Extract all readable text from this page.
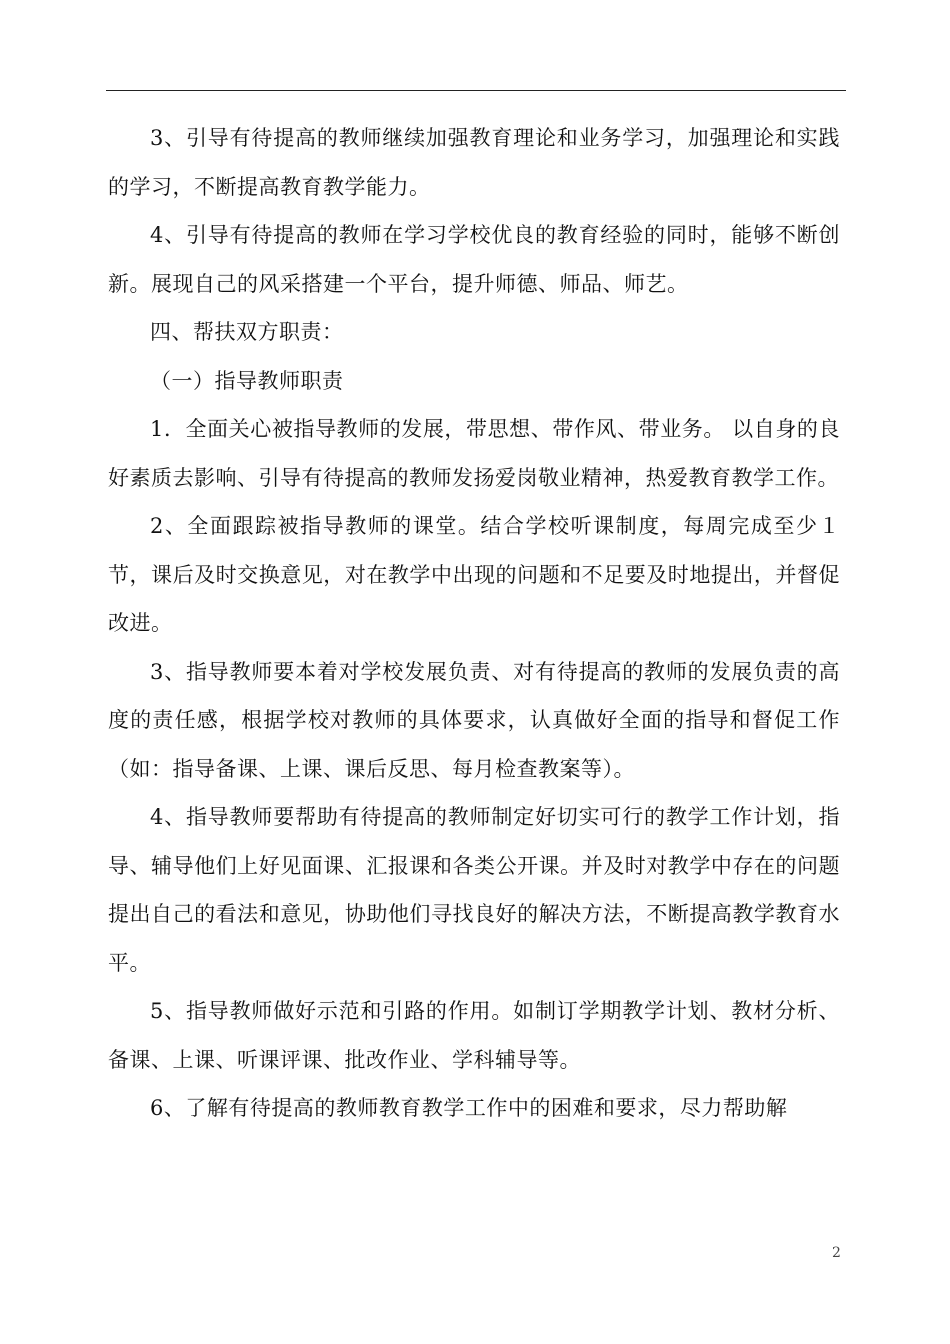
3、引导有待提高的教师继续加强教育理论和业务学习，加强理论和实践的学习，不断提高教育教学能力。

4、引导有待提高的教师在学习学校优良的教育经验的同时，能够不断创新。展现自己的风采搭建一个平台，提升师德、师品、师艺。

四、帮扶双方职责：

（一）指导教师职责

1．全面关心被指导教师的发展，带思想、带作风、带业务。 以自身的良好素质去影响、引导有待提高的教师发扬爱岗敬业精神，热爱教育教学工作。

2、全面跟踪被指导教师的课堂。结合学校听课制度，每周完成至少１节，课后及时交换意见，对在教学中出现的问题和不足要及时地提出，并督促改进。

3、指导教师要本着对学校发展负责、对有待提高的教师的发展负责的高度的责任感，根据学校对教师的具体要求，认真做好全面的指导和督促工作（如：指导备课、上课、课后反思、每月检查教案等）。

4、指导教师要帮助有待提高的教师制定好切实可行的教学工作计划，指导、辅导他们上好见面课、汇报课和各类公开课。并及时对教学中存在的问题提出自己的看法和意见，协助他们寻找良好的解决方法，不断提高教学教育水平。

5、指导教师做好示范和引路的作用。如制订学期教学计划、教材分析、备课、上课、听课评课、批改作业、学科辅导等。

6、了解有待提高的教师教育教学工作中的困难和要求，尽力帮助解

2
